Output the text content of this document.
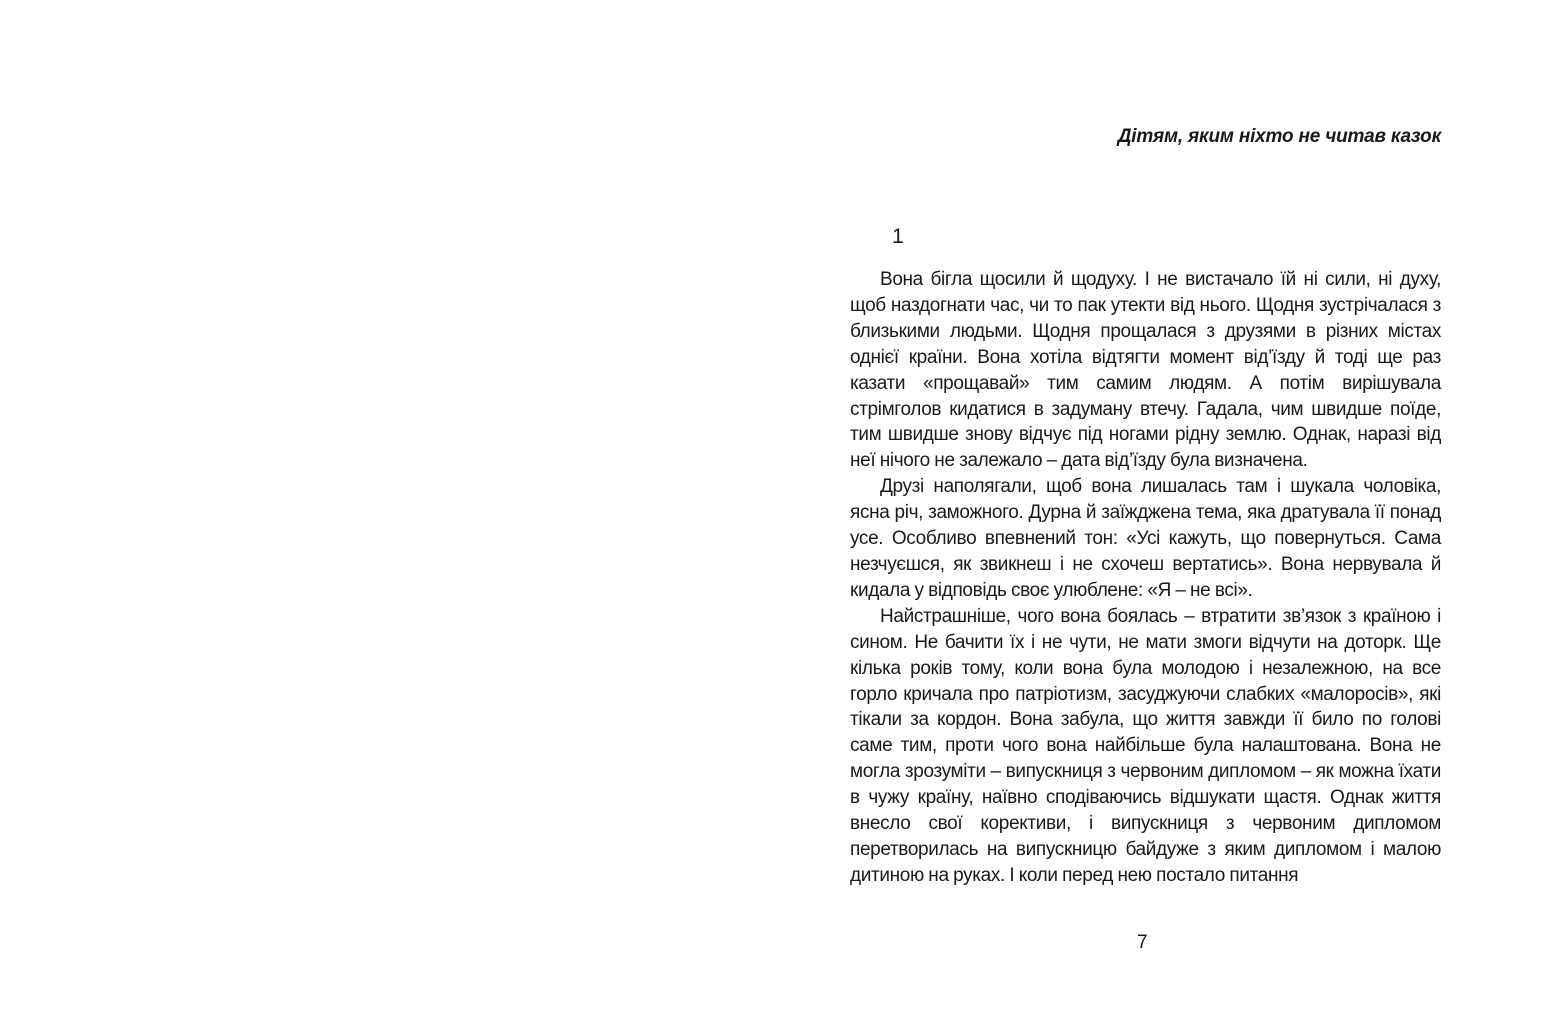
Дітям, яким ніхто не читав казок

1

Вона бігла щосили й щодуху. І не вистачало їй ні сили, ні духу, щоб наздогнати час, чи то пак утекти від нього. Щодня зустрічалася з близькими людьми. Щодня прощалася з друзями в різних містах однієї країни. Вона хотіла відтягти момент від’їзду й тоді ще раз казати «прощавай» тим самим людям. А потім вирішувала стрімголов кидатися в задуману втечу. Гадала, чим швидше поїде, тим швидше знову відчує під ногами рідну землю. Однак, наразі від неї нічого не залежало – дата від’їзду була визначена.

Друзі наполягали, щоб вона лишалась там і шукала чоловіка, ясна річ, заможного. Дурна й заїжджена тема, яка дратувала її понад усе. Особливо впевнений тон: «Усі кажуть, що повернуться. Сама незчуєшся, як звикнеш і не схочеш вертатись». Вона нервувала й кидала у відповідь своє улюблене: «Я – не всі».

Найстрашніше, чого вона боялась – втратити зв’язок з країною і сином. Не бачити їх і не чути, не мати змоги відчути на доторк. Ще кілька років тому, коли вона була молодою і незалежною, на все горло кричала про патріотизм, засуджуючи слабких «малоросів», які тікали за кордон. Вона забула, що життя завжди її било по голові саме тим, проти чого вона найбільше була налаштована. Вона не могла зрозуміти – випускниця з червоним дипломом – як можна їхати в чужу країну, наївно сподіваючись відшукати щастя. Однак життя внесло свої корективи, і випускниця з червоним дипломом перетворилась на випускницю байдуже з яким дипломом і малою дитиною на руках. І коли перед нею постало питання

7
